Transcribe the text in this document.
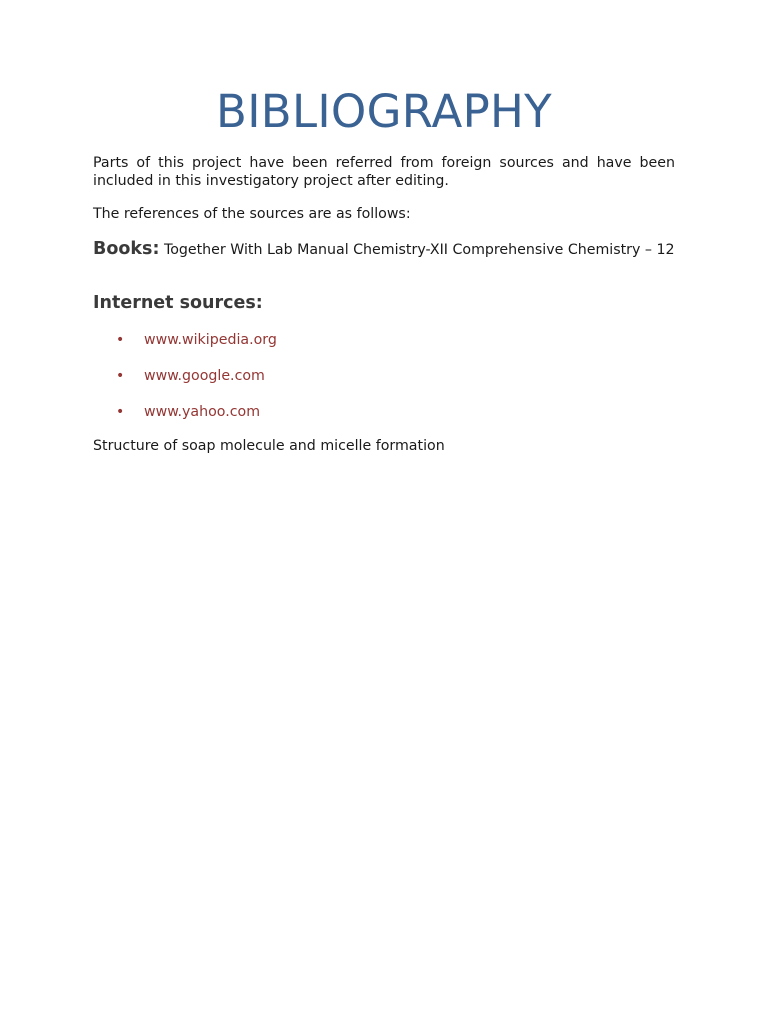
BIBLIOGRAPHY

Parts of this project have been referred from foreign sources and have been included in this investigatory project after editing.

The references of the sources are as follows:

Books: Together With Lab Manual Chemistry-XII Comprehensive Chemistry – 12

Internet sources:
• www.wikipedia.org
• www.google.com
• www.yahoo.com

Structure of soap molecule and micelle formation
